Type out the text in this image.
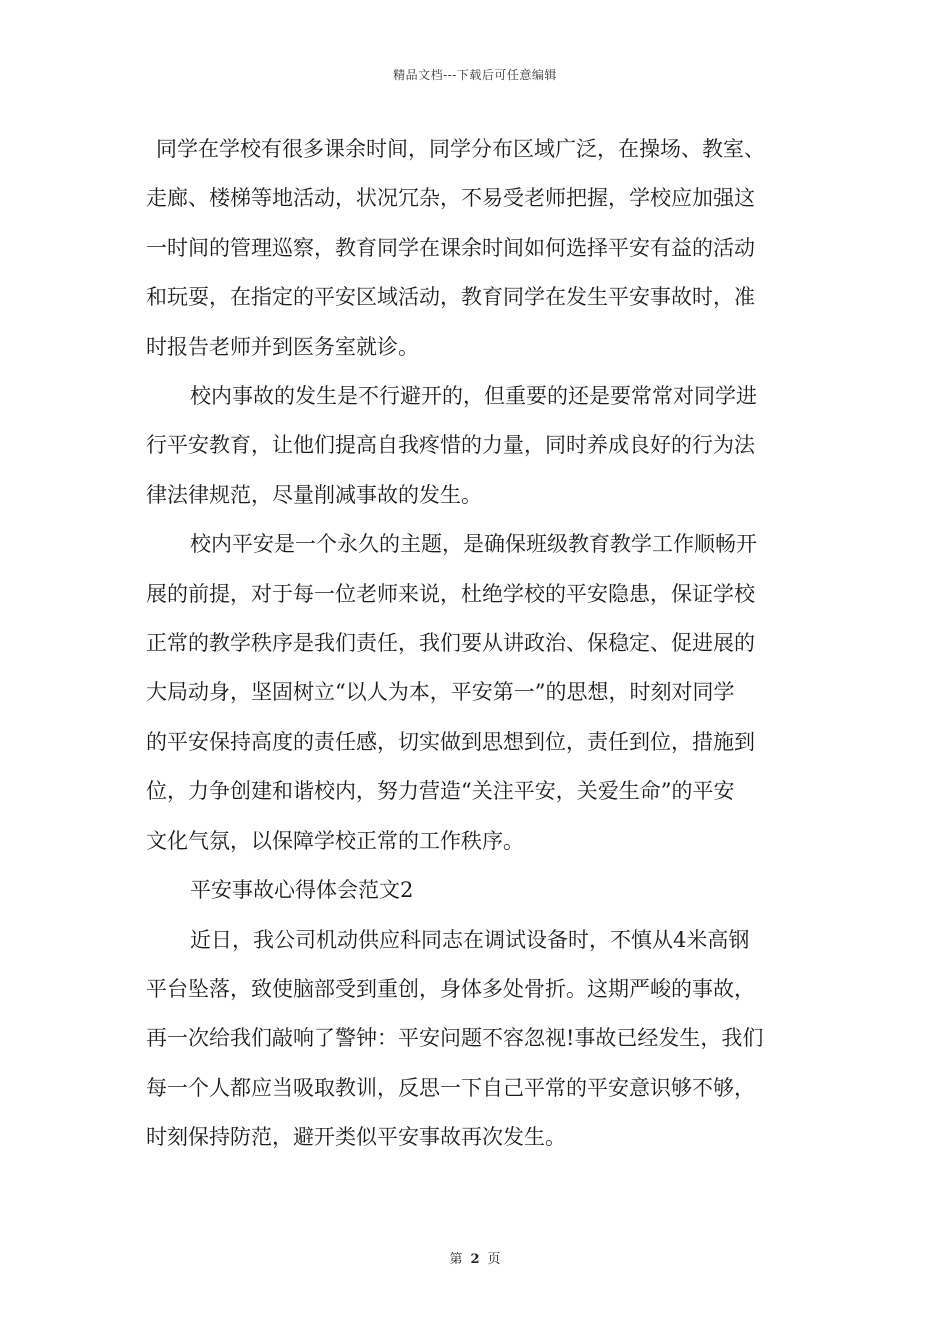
精品文档---下载后可任意编辑

同学在学校有很多课余时间，同学分布区域广泛，在操场、教室、
走廊、楼梯等地活动，状况冗杂，不易受老师把握，学校应加强这
一时间的管理巡察，教育同学在课余时间如何选择平安有益的活动
和玩耍，在指定的平安区域活动，教育同学在发生平安事故时，准
时报告老师并到医务室就诊。

校内事故的发生是不行避开的，但重要的还是要常常对同学进
行平安教育，让他们提高自我疼惜的力量，同时养成良好的行为法
律法律规范，尽量削减事故的发生。

校内平安是一个永久的主题，是确保班级教育教学工作顺畅开
展的前提，对于每一位老师来说，杜绝学校的平安隐患，保证学校
正常的教学秩序是我们责任，我们要从讲政治、保稳定、促进展的
大局动身，坚固树立“以人为本，平安第一”的思想，时刻对同学
的平安保持高度的责任感，切实做到思想到位，责任到位，措施到
位，力争创建和谐校内，努力营造“关注平安，关爱生命”的平安
文化气氛，以保障学校正常的工作秩序。

平安事故心得体会范文2

近日，我公司机动供应科同志在调试设备时，不慎从4米高钢
平台坠落，致使脑部受到重创，身体多处骨折。这期严峻的事故，
再一次给我们敲响了警钟：平安问题不容忽视!事故已经发生，我们
每一个人都应当吸取教训，反思一下自己平常的平安意识够不够，
时刻保持防范，避开类似平安事故再次发生。

第 2 页
